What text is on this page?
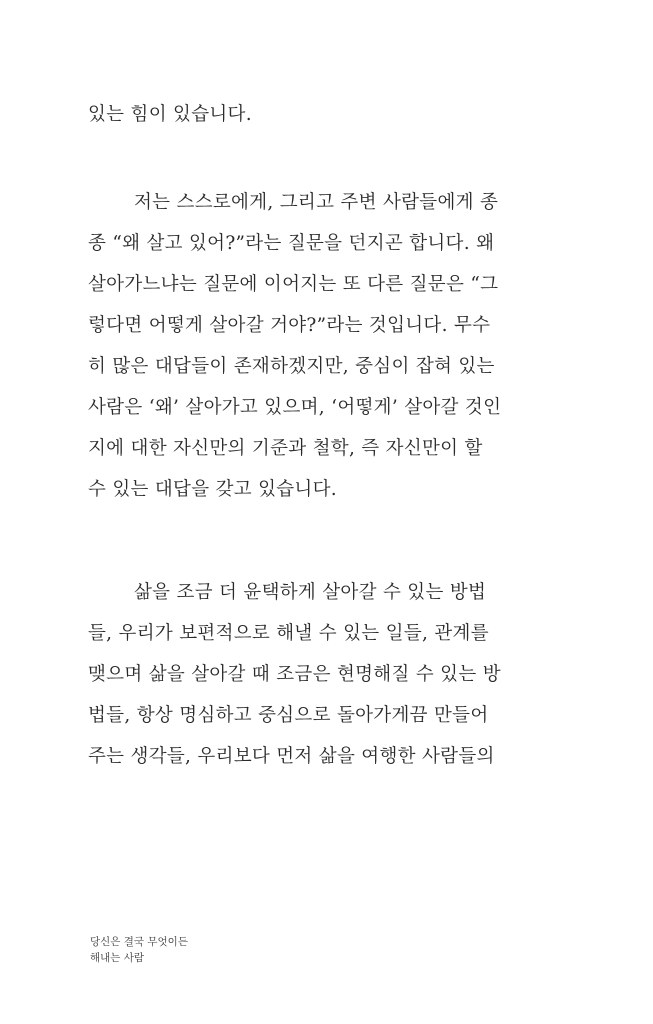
있는 힘이 있습니다.
저는 스스로에게, 그리고 주변 사람들에게 종
종 “왜 살고 있어?”라는 질문을 던지곤 합니다. 왜
살아가느냐는 질문에 이어지는 또 다른 질문은 “그
렇다면 어떻게 살아갈 거야?”라는 것입니다. 무수
히 많은 대답들이 존재하겠지만, 중심이 잡혀 있는
사람은 ‘왜’ 살아가고 있으며, ‘어떻게’ 살아갈 것인
지에 대한 자신만의 기준과 철학, 즉 자신만이 할
수 있는 대답을 갖고 있습니다.
삶을 조금 더 윤택하게 살아갈 수 있는 방법
들, 우리가 보편적으로 해낼 수 있는 일들, 관계를
맺으며 삶을 살아갈 때 조금은 현명해질 수 있는 방
법들, 항상 명심하고 중심으로 돌아가게끔 만들어
주는 생각들, 우리보다 먼저 삶을 여행한 사람들의
당신은 결국 무엇이든
해내는 사람
